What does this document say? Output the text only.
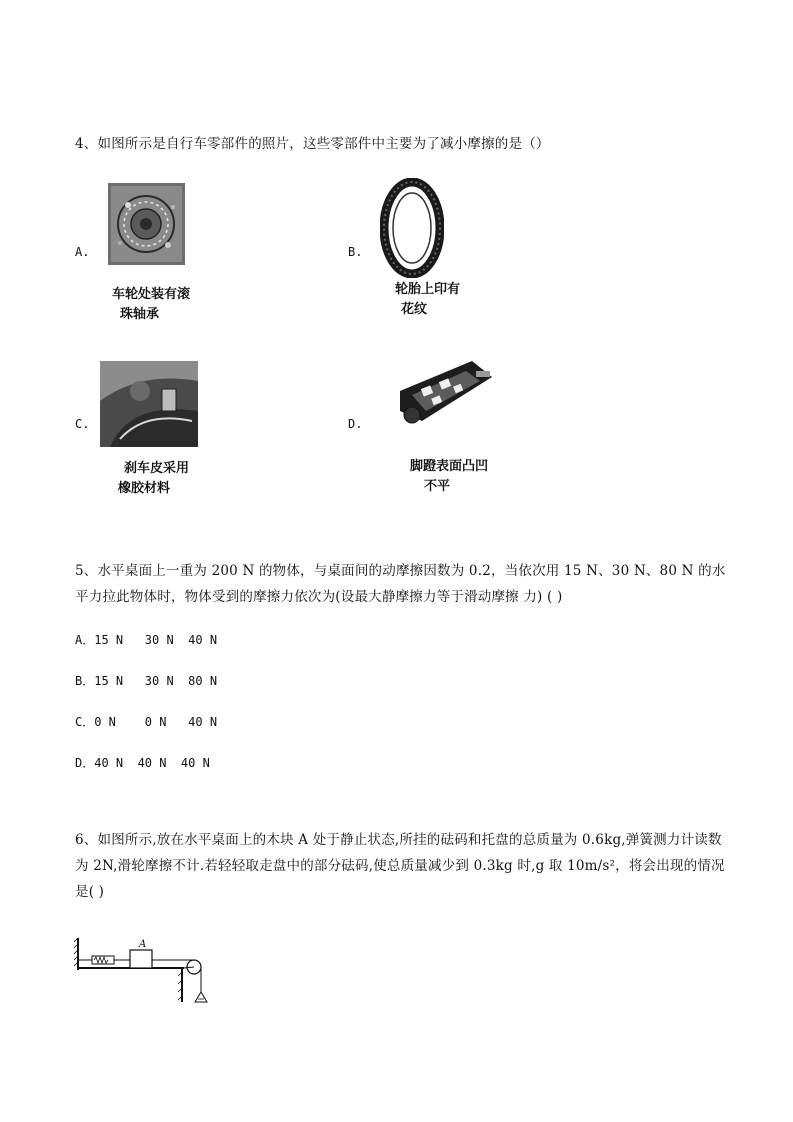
4、如图所示是自行车零部件的照片，这些零部件中主要为了减小摩擦的是（）
A.
车轮处装有滚
珠轴承
B.
轮胎上印有
花纹
C.
刹车皮采用
橡胶材料
D.
脚蹬表面凸凹
不平
5、水平桌面上一重为 200 N 的物体，与桌面间的动摩擦因数为 0.2，当依次用 15 N、30 N、80 N 的水
平力拉此物体时，物体受到的摩擦力依次为(设最大静摩擦力等于滑动摩擦 力) ( )
A．15 N   30 N  40 N
B．15 N   30 N  80 N
C．0 N    0 N   40 N
D．40 N  40 N  40 N
6、如图所示,放在水平桌面上的木块 A 处于静止状态,所挂的砝码和托盘的总质量为 0.6kg,弹簧测力计读数
为 2N,滑轮摩擦不计.若轻轻取走盘中的部分砝码,使总质量减少到 0.3kg 时,g 取 10m/s²，将会出现的情况
是( )
A
